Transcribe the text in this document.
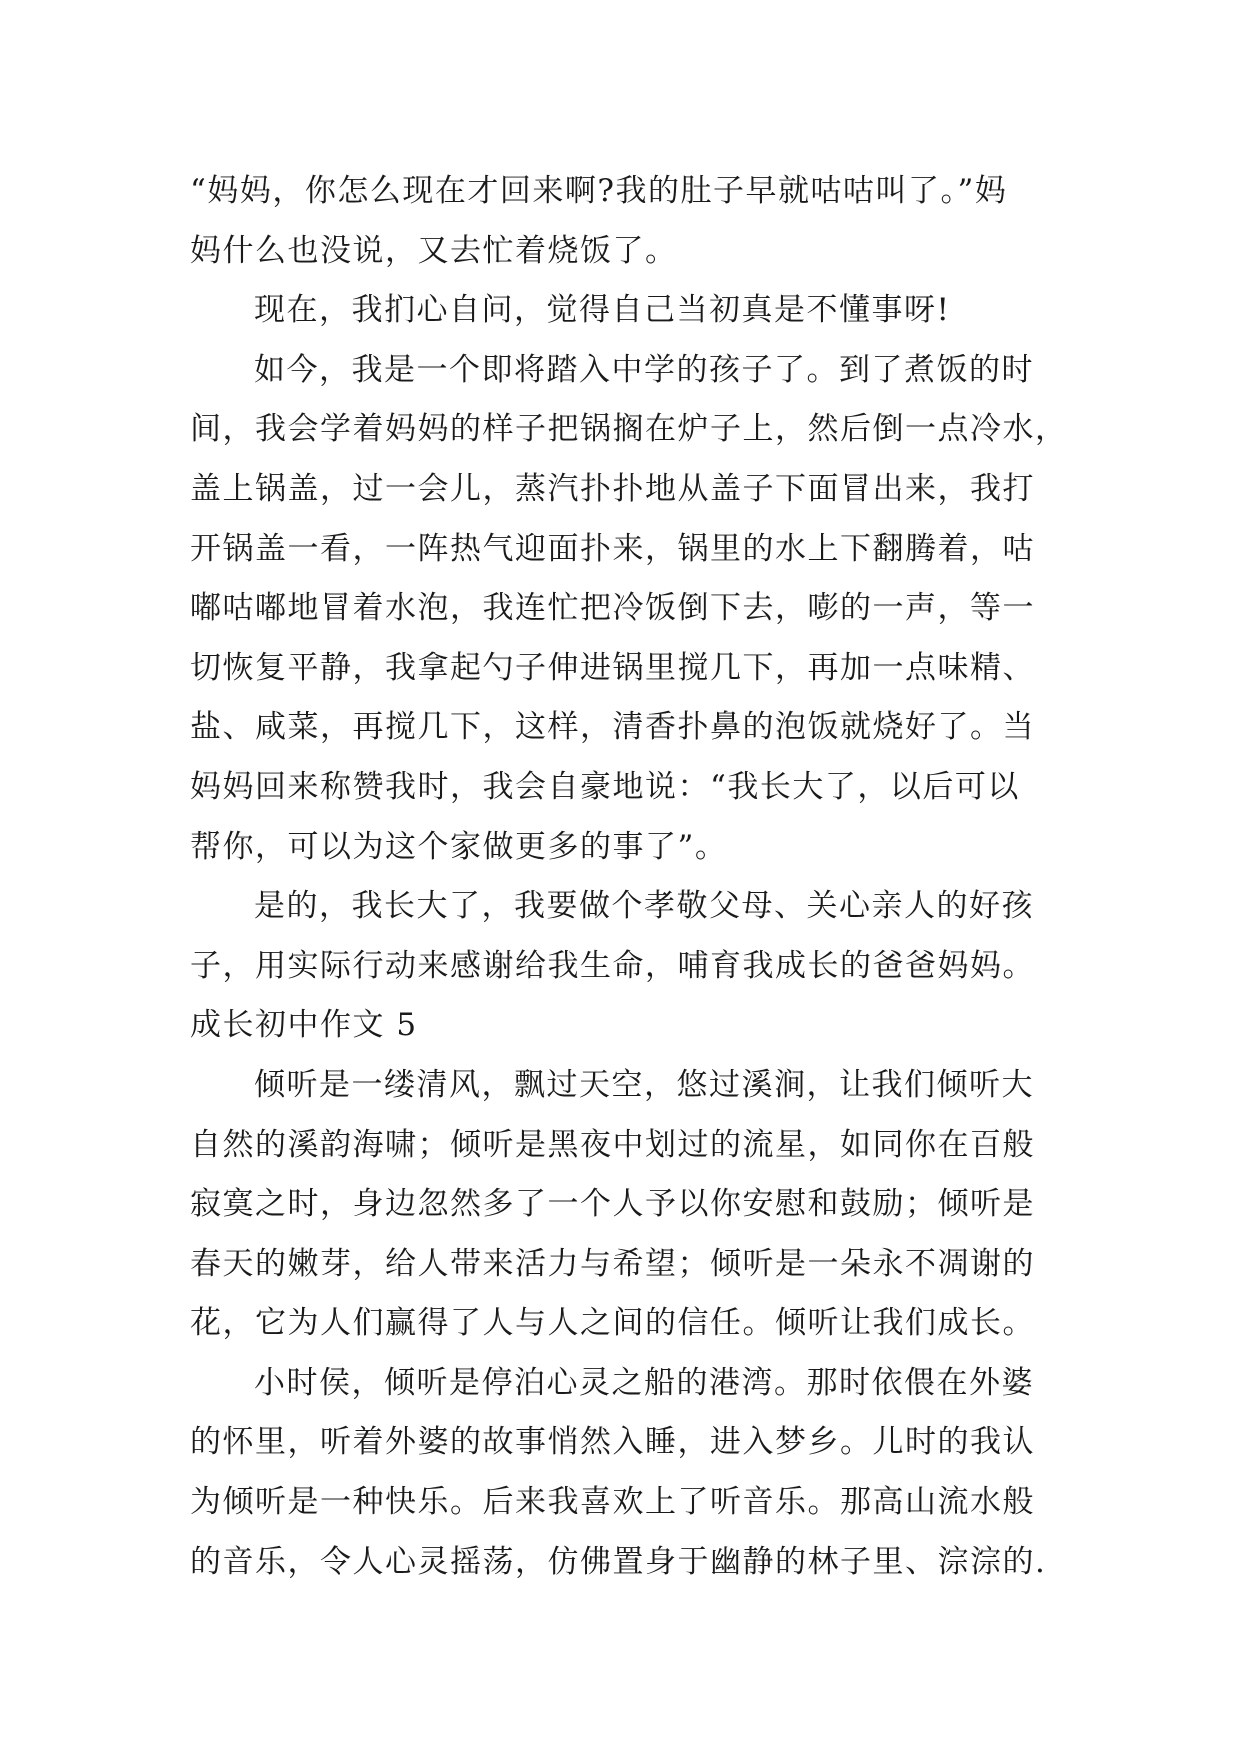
“妈妈，你怎么现在才回来啊?我的肚子早就咕咕叫了。”妈
妈什么也没说，又去忙着烧饭了。
现在，我扪心自问，觉得自己当初真是不懂事呀!
如今，我是一个即将踏入中学的孩子了。到了煮饭的时
间，我会学着妈妈的样子把锅搁在炉子上，然后倒一点冷水，
盖上锅盖，过一会儿，蒸汽扑扑地从盖子下面冒出来，我打
开锅盖一看，一阵热气迎面扑来，锅里的水上下翻腾着，咕
嘟咕嘟地冒着水泡，我连忙把冷饭倒下去，嘭的一声，等一
切恢复平静，我拿起勺子伸进锅里搅几下，再加一点味精、
盐、咸菜，再搅几下，这样，清香扑鼻的泡饭就烧好了。当
妈妈回来称赞我时，我会自豪地说：“我长大了，以后可以
帮你，可以为这个家做更多的事了”。
是的，我长大了，我要做个孝敬父母、关心亲人的好孩
子，用实际行动来感谢给我生命，哺育我成长的爸爸妈妈。
成长初中作文 5
倾听是一缕清风，飘过天空，悠过溪涧，让我们倾听大
自然的溪韵海啸；倾听是黑夜中划过的流星，如同你在百般
寂寞之时，身边忽然多了一个人予以你安慰和鼓励；倾听是
春天的嫩芽，给人带来活力与希望；倾听是一朵永不凋谢的
花，它为人们赢得了人与人之间的信任。倾听让我们成长。
小时侯，倾听是停泊心灵之船的港湾。那时依偎在外婆
的怀里，听着外婆的故事悄然入睡，进入梦乡。儿时的我认
为倾听是一种快乐。后来我喜欢上了听音乐。那高山流水般
的音乐，令人心灵摇荡，仿佛置身于幽静的林子里、淙淙的.
